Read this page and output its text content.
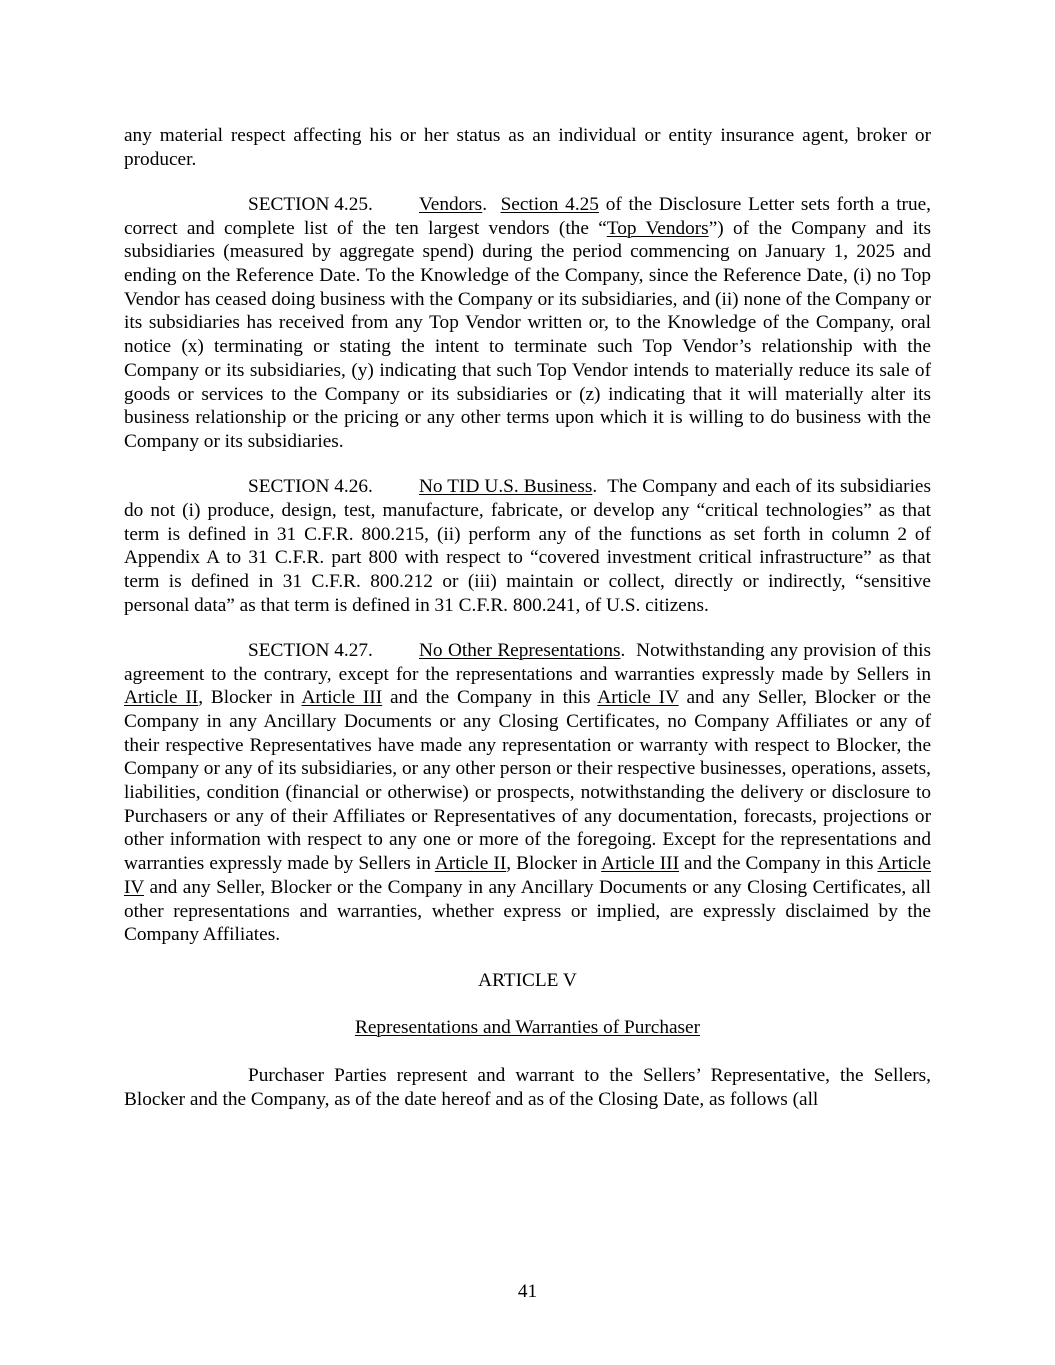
any material respect affecting his or her status as an individual or entity insurance agent, broker or producer.

SECTION 4.25. Vendors.  Section 4.25 of the Disclosure Letter sets forth a true, correct and complete list of the ten largest vendors (the “Top Vendors”) of the Company and its subsidiaries (measured by aggregate spend) during the period commencing on January 1, 2025 and ending on the Reference Date. To the Knowledge of the Company, since the Reference Date, (i) no Top Vendor has ceased doing business with the Company or its subsidiaries, and (ii) none of the Company or its subsidiaries has received from any Top Vendor written or, to the Knowledge of the Company, oral notice (x) terminating or stating the intent to terminate such Top Vendor’s relationship with the Company or its subsidiaries, (y) indicating that such Top Vendor intends to materially reduce its sale of goods or services to the Company or its subsidiaries or (z) indicating that it will materially alter its business relationship or the pricing or any other terms upon which it is willing to do business with the Company or its subsidiaries.

SECTION 4.26. No TID U.S. Business.  The Company and each of its subsidiaries do not (i) produce, design, test, manufacture, fabricate, or develop any “critical technologies” as that term is defined in 31 C.F.R. 800.215, (ii) perform any of the functions as set forth in column 2 of Appendix A to 31 C.F.R. part 800 with respect to “covered investment critical infrastructure” as that term is defined in 31 C.F.R. 800.212 or (iii) maintain or collect, directly or indirectly, “sensitive personal data” as that term is defined in 31 C.F.R. 800.241, of U.S. citizens.

SECTION 4.27. No Other Representations.  Notwithstanding any provision of this agreement to the contrary, except for the representations and warranties expressly made by Sellers in Article II, Blocker in Article III and the Company in this Article IV and any Seller, Blocker or the Company in any Ancillary Documents or any Closing Certificates, no Company Affiliates or any of their respective Representatives have made any representation or warranty with respect to Blocker, the Company or any of its subsidiaries, or any other person or their respective businesses, operations, assets, liabilities, condition (financial or otherwise) or prospects, notwithstanding the delivery or disclosure to Purchasers or any of their Affiliates or Representatives of any documentation, forecasts, projections or other information with respect to any one or more of the foregoing. Except for the representations and warranties expressly made by Sellers in Article II, Blocker in Article III and the Company in this Article IV and any Seller, Blocker or the Company in any Ancillary Documents or any Closing Certificates, all other representations and warranties, whether express or implied, are expressly disclaimed by the Company Affiliates.

ARTICLE V

Representations and Warranties of Purchaser

Purchaser Parties represent and warrant to the Sellers’ Representative, the Sellers, Blocker and the Company, as of the date hereof and as of the Closing Date, as follows (all

41
